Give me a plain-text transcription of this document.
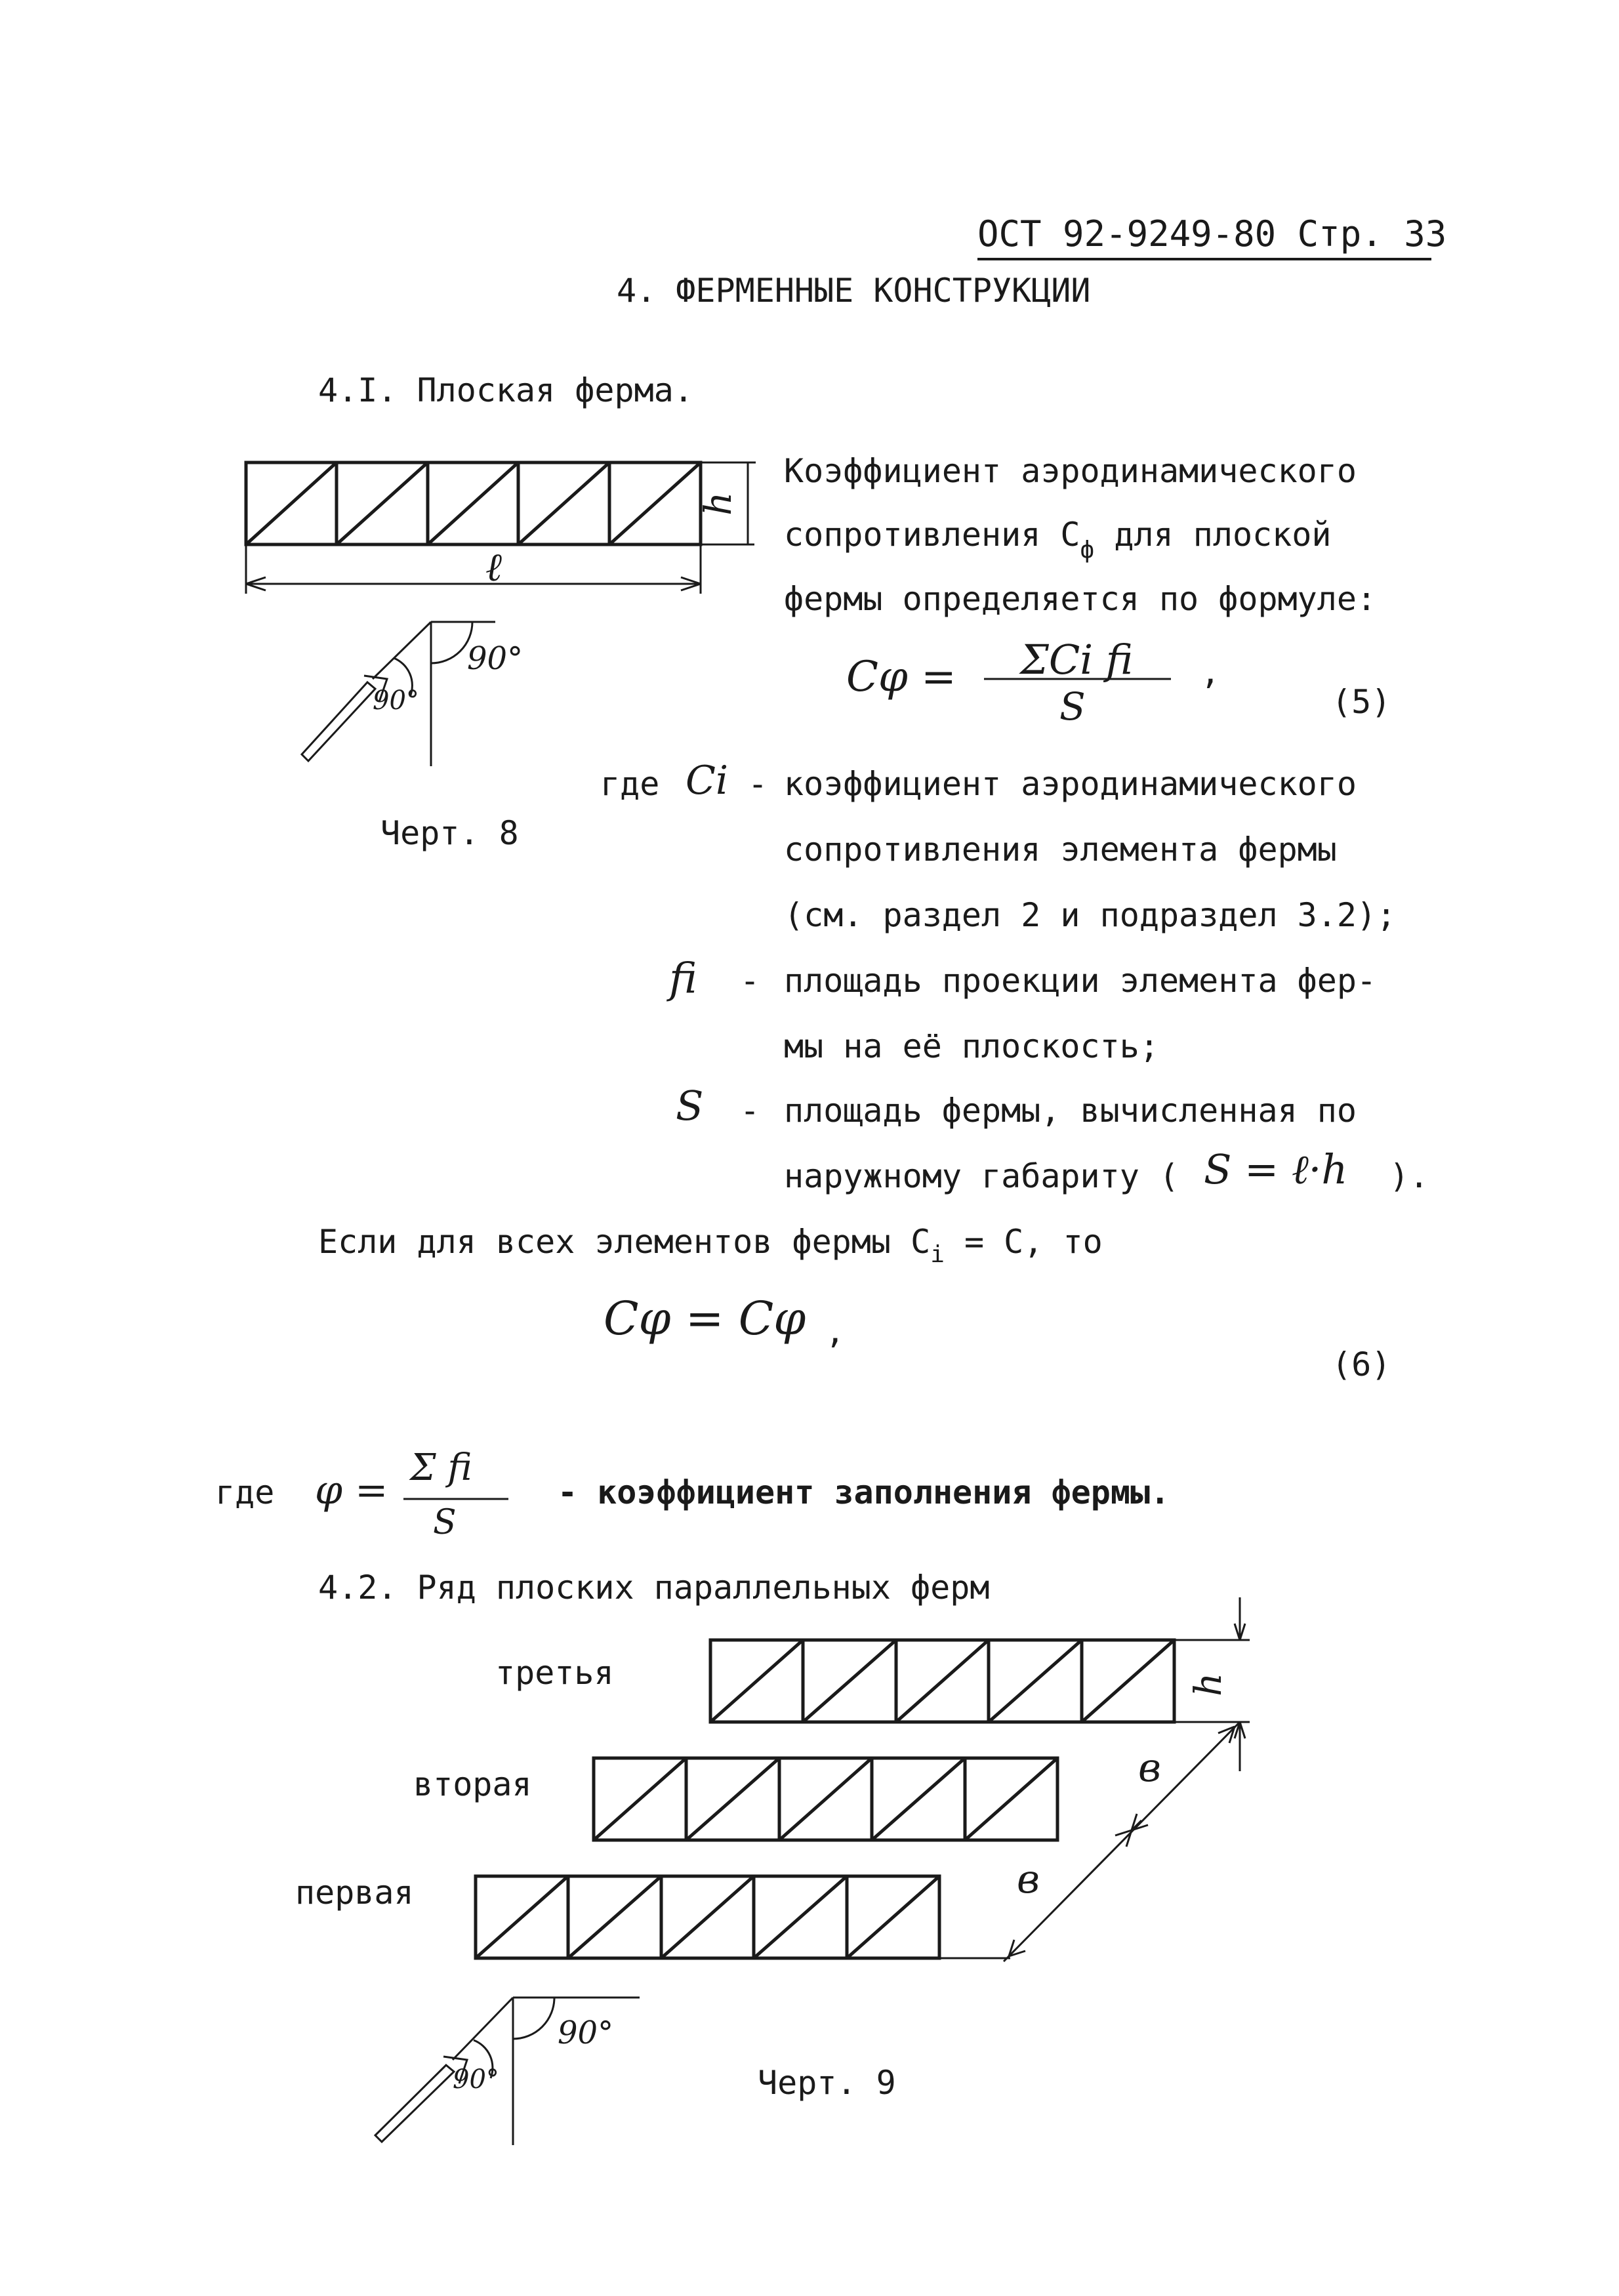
ОСТ 92-9249-80 Стр. 33
4. ФЕРМЕННЫЕ КОНСТРУКЦИИ
4.I. Плоская ферма.
h
ℓ
90°
90°
Черт. 8
Коэффициент аэродинамического
сопротивления $С_ф$ для плоской
фермы определяется по формуле:
Сφ = ΣCi fi
S
,
(5)
где Ci - коэффициент аэродинамического
сопротивления элемента фермы
(см. раздел 2 и подраздел 3.2);
fi - площадь проекции элемента фер-
мы на её плоскость;
S - площадь фермы, вычисленная по
наружному габариту ( S = ℓ·h ).
Если для всех элементов фермы $C_i = С$, то
Сφ = Сφ ,
(6)
где φ = Σ fi
S
- коэффициент заполнения фермы.
4.2. Ряд плоских параллельных ферм
третья
вторая
первая
h
в
в
90°
90°	Черт. 9
